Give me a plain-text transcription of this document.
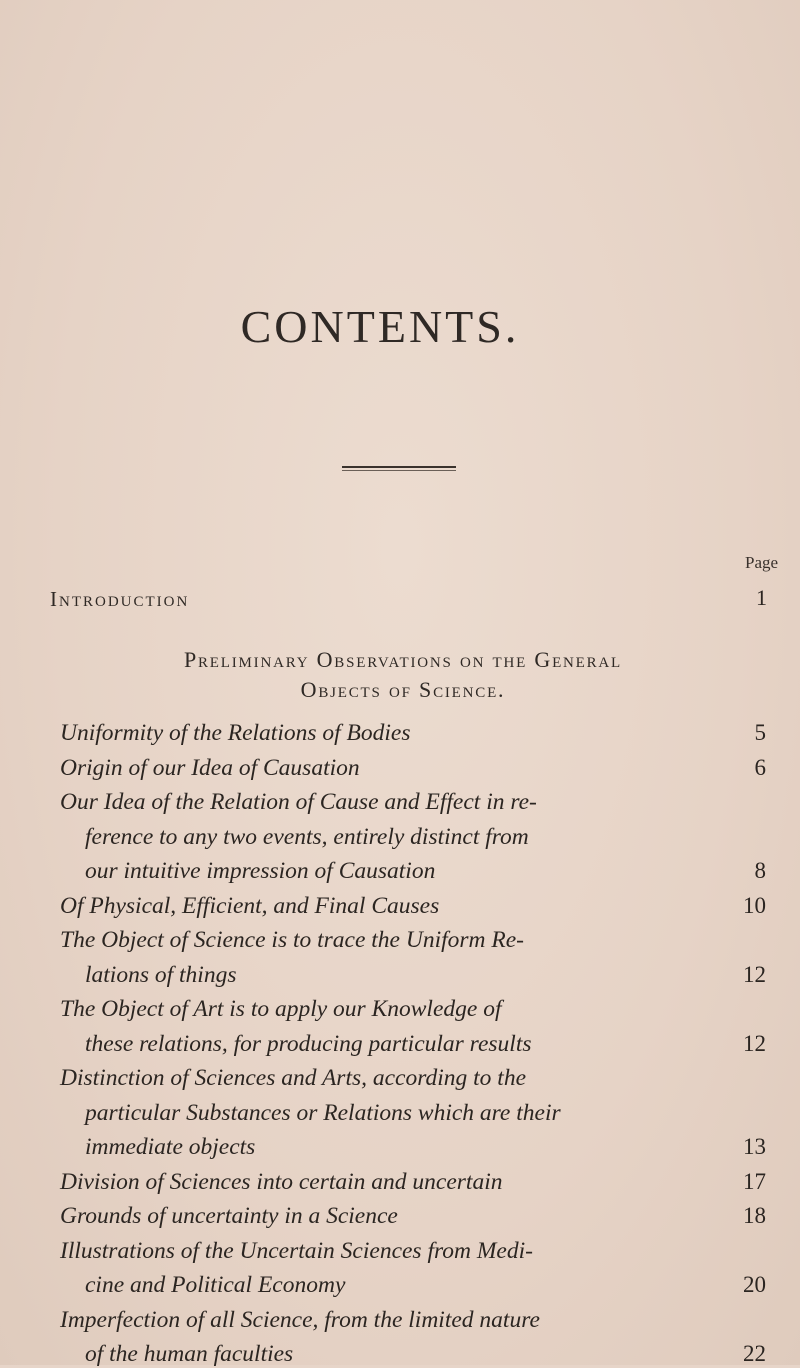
CONTENTS.
Page
Introduction	1
Preliminary Observations on the General
Objects of Science.
Uniformity of the Relations of Bodies	5
Origin of our Idea of Causation	6
Our Idea of the Relation of Cause and Effect in re-
ference to any two events, entirely distinct from
our intuitive impression of Causation	8
Of Physical, Efficient, and Final Causes	10
The Object of Science is to trace the Uniform Re-
lations of things	12
The Object of Art is to apply our Knowledge of
these relations, for producing particular results	12
Distinction of Sciences and Arts, according to the
particular Substances or Relations which are their
immediate objects	13
Division of Sciences into certain and uncertain	17
Grounds of uncertainty in a Science	18
Illustrations of the Uncertain Sciences from Medi-
cine and Political Economy	20
Imperfection of all Science, from the limited nature
of the human faculties	22
